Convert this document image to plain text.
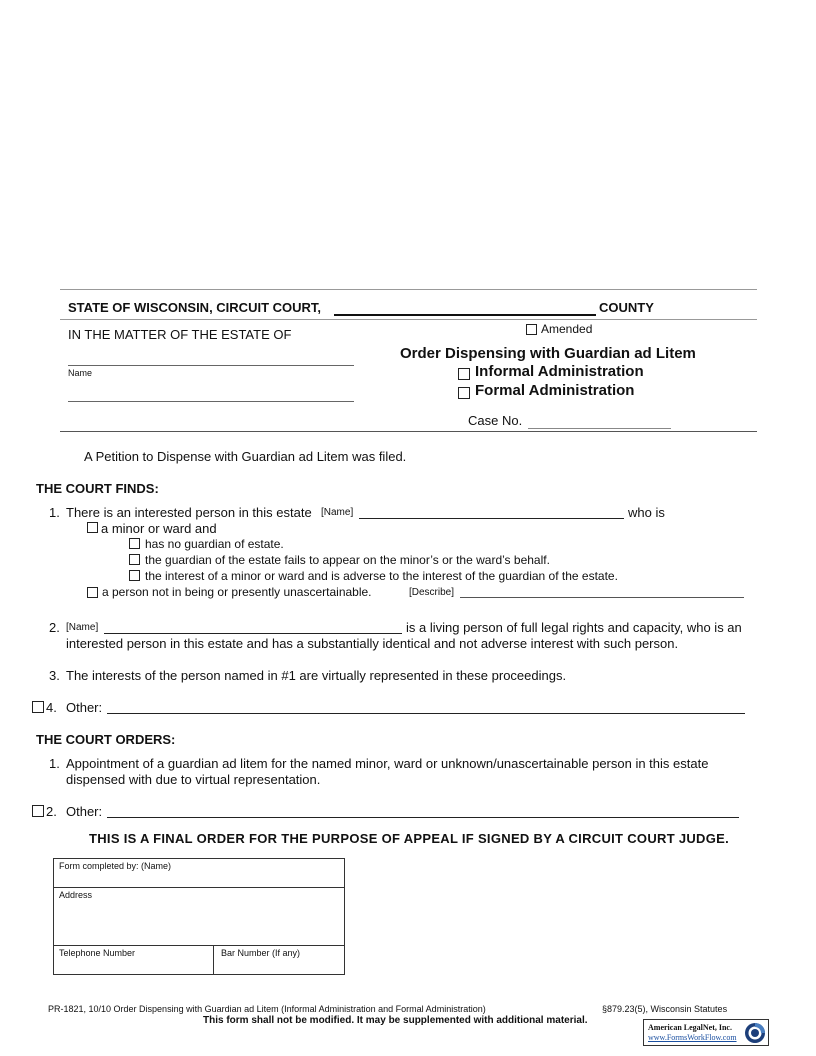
STATE OF WISCONSIN, CIRCUIT COURT,	COUNTY
IN THE MATTER OF THE ESTATE OF
Name
Amended
Order Dispensing with Guardian ad Litem
Informal Administration
Formal Administration
Case No.
A Petition to Dispense with Guardian ad Litem was filed.
THE COURT FINDS:
1. There is an interested person in this estate [Name]	who is
a minor or ward and
has no guardian of estate.
the guardian of the estate fails to appear on the minor’s or the ward’s behalf.
the interest of a minor or ward and is adverse to the interest of the guardian of the estate.
a person not in being or presently unascertainable.	[Describe]
2. [Name]	is a living person of full legal rights and capacity, who is an
interested person in this estate and has a substantially identical and not adverse interest with such person.
3. The interests of the person named in #1 are virtually represented in these proceedings.
4. Other:
THE COURT ORDERS:
1. Appointment of a guardian ad litem for the named minor, ward or unknown/unascertainable person in this estate
dispensed with due to virtual representation.
2. Other:
THIS IS A FINAL ORDER FOR THE PURPOSE OF APPEAL IF SIGNED BY A CIRCUIT COURT JUDGE.
Form completed by: (Name)
Address
Telephone Number	Bar Number (If any)
PR-1821, 10/10 Order Dispensing with Guardian ad Litem (Informal Administration and Formal Administration)	§879.23(5), Wisconsin Statutes
This form shall not be modified. It may be supplemented with additional material.
American LegalNet, Inc.
www.FormsWorkFlow.com
